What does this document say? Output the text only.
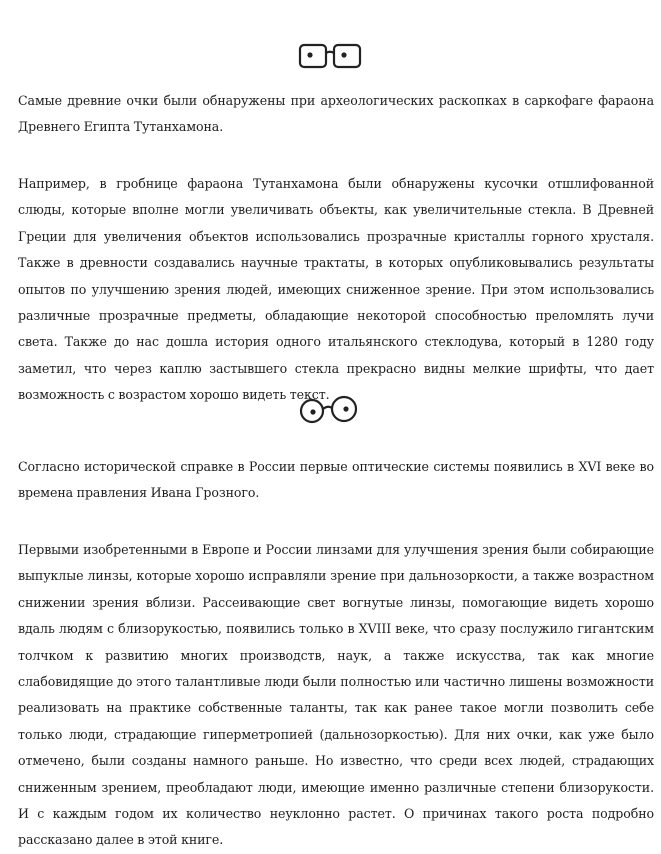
Самые древние очки были обнаружены при археологических раскопках в саркофаге фараона Древнего Египта Тутанхамона.

Например, в гробнице фараона Тутанхамона были обнаружены кусочки отшлифованной слюды, которые вполне могли увеличивать объекты, как увеличительные стекла. В Древней Греции для увеличения объектов использовались прозрачные кристаллы горного хрусталя. Также в древности создавались научные трактаты, в которых опубликовывались результаты опытов по улучшению зрения людей, имеющих сниженное зрение. При этом использовались различные прозрачные предметы, обладающие некоторой способностью преломлять лучи света. Также до нас дошла история одного итальянского стеклодува, который в 1280 году заметил, что через каплю застывшего стекла прекрасно видны мелкие шрифты, что дает возможность с возрастом хорошо видеть текст.

Согласно исторической справке в России первые оптические системы появились в XVI веке во времена правления Ивана Грозного.

Первыми изобретенными в Европе и России линзами для улучшения зрения были собирающие выпуклые линзы, которые хорошо исправляли зрение при дальнозоркости, а также возрастном снижении зрения вблизи. Рассеивающие свет вогнутые линзы, помогающие видеть хорошо вдаль людям с близорукостью, появились только в XVIII веке, что сразу послужило гигантским толчком к развитию многих производств, наук, а также искусства, так как многие слабовидящие до этого талантливые люди были полностью или частично лишены возможности реализовать на практике собственные таланты, так как ранее такое могли позволить себе только люди, страдающие гиперметропией (дальнозоркостью). Для них очки, как уже было отмечено, были созданы намного раньше. Но известно, что среди всех людей, страдающих сниженным зрением, преобладают люди, имеющие именно различные степени близорукости. И с каждым годом их количество неуклонно растет. О причинах такого роста подробно рассказано далее в этой книге.
